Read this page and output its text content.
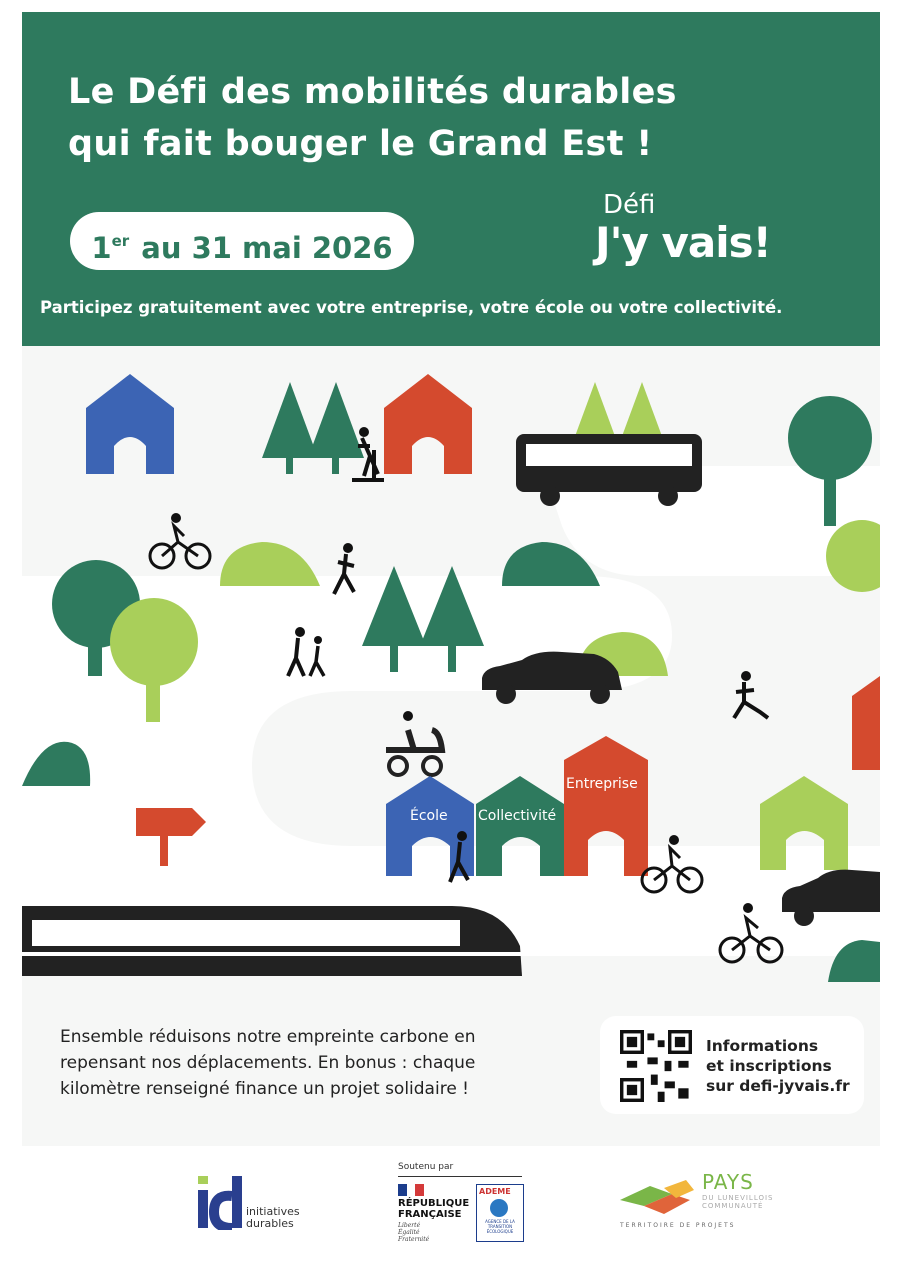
Le Défi des mobilités durables
qui fait bouger le Grand Est !
1er au 31 mai 2026
Défi
J'y vais!
Participez gratuitement avec votre entreprise, votre école ou votre collectivité.
École Collectivité
Entreprise

Ensemble réduisons notre empreinte carbone en
repensant nos déplacements. En bonus : chaque
kilomètre renseigné finance un projet solidaire !

Informations
et inscriptions
sur defi-jyvais.fr
initiatives
durables
Soutenu par
RÉPUBLIQUE
FRANÇAISE
Liberté
Égalité
Fraternité
ADEME
AGENCE DE LA TRANSITION ÉCOLOGIQUE
PAYS
DU LUNEVILLOIS
COMMUNAUTÉ
TERRITOIRE DE PROJETS
